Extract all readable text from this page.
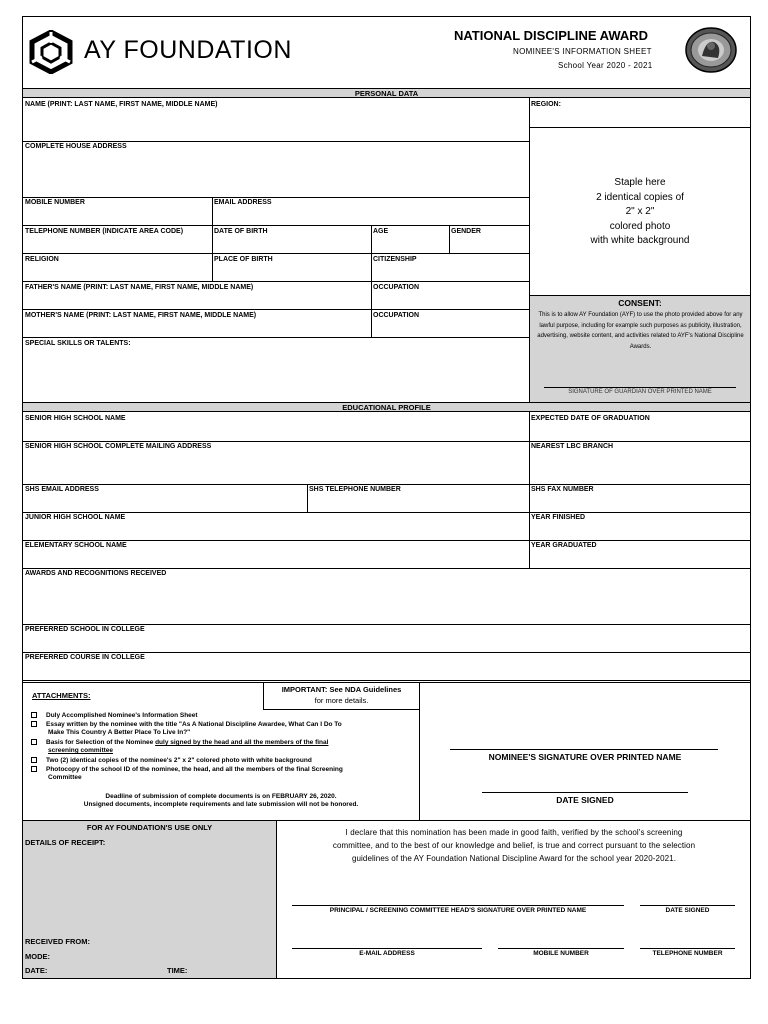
AY FOUNDATION
NATIONAL DISCIPLINE AWARD
NOMINEE'S INFORMATION SHEET
School Year 2020 - 2021
PERSONAL DATA
NAME (PRINT: LAST NAME, FIRST NAME, MIDDLE NAME)	REGION:
COMPLETE HOUSE ADDRESS
MOBILE NUMBER	EMAIL ADDRESS
TELEPHONE NUMBER (INDICATE AREA CODE)	DATE OF BIRTH	AGE	GENDER
RELIGION	PLACE OF BIRTH	CITIZENSHIP
FATHER'S NAME (PRINT: LAST NAME, FIRST NAME, MIDDLE NAME)	OCCUPATION
MOTHER'S NAME (PRINT: LAST NAME, FIRST NAME, MIDDLE NAME)	OCCUPATION
SPECIAL SKILLS OR TALENTS:
Staple here
2 identical copies of
2" x 2"
colored photo
with white background
CONSENT:
This is to allow AY Foundation (AYF) to use the photo provided above for any lawful purpose, including for example such purposes as publicity, illustration, advertising, website content, and activities related to AYF's National Discipline Awards.
SIGNATURE OF GUARDIAN OVER PRINTED NAME
EDUCATIONAL PROFILE
SENIOR HIGH SCHOOL NAME	EXPECTED DATE OF GRADUATION
SENIOR HIGH SCHOOL COMPLETE MAILING ADDRESS	NEAREST LBC BRANCH
SHS EMAIL ADDRESS	SHS TELEPHONE NUMBER	SHS FAX NUMBER
JUNIOR HIGH SCHOOL NAME	YEAR FINISHED
ELEMENTARY SCHOOL NAME	YEAR GRADUATED
AWARDS AND RECOGNITIONS RECEIVED
PREFERRED SCHOOL IN COLLEGE
PREFERRED COURSE IN COLLEGE
IMPORTANT: See NDA Guidelines
for more details.
ATTACHMENTS:
Duly Accomplished Nominee's Information Sheet
Essay written by the nominee with the title "As A National Discipline Awardee, What Can I Do To
Make This Country A Better Place To Live In?"
Basis for Selection of the Nominee duly signed by the head and all the members of the final
screening committee
Two (2) identical copies of the nominee's 2" x 2" colored photo with white background
Photocopy of the school ID of the nominee, the head, and all the members of the final Screening
Committee
Deadline of submission of complete documents is on FEBRUARY 26, 2020.
Unsigned documents, incomplete requirements and late submission will not be honored.
NOMINEE'S SIGNATURE OVER PRINTED NAME
DATE SIGNED
FOR AY FOUNDATION'S USE ONLY
DETAILS OF RECEIPT:
RECEIVED FROM:
MODE:
DATE:	TIME:
I declare that this nomination has been made in good faith, verified by the school's screening
committee, and to the best of our knowledge and belief, is true and correct pursuant to the selection
guidelines of the AY Foundation National Discipline Award for the school year 2020-2021.
PRINCIPAL / SCREENING COMMITTEE HEAD'S SIGNATURE OVER PRINTED NAME	DATE SIGNED
E-MAIL ADDRESS	MOBILE NUMBER	TELEPHONE NUMBER
